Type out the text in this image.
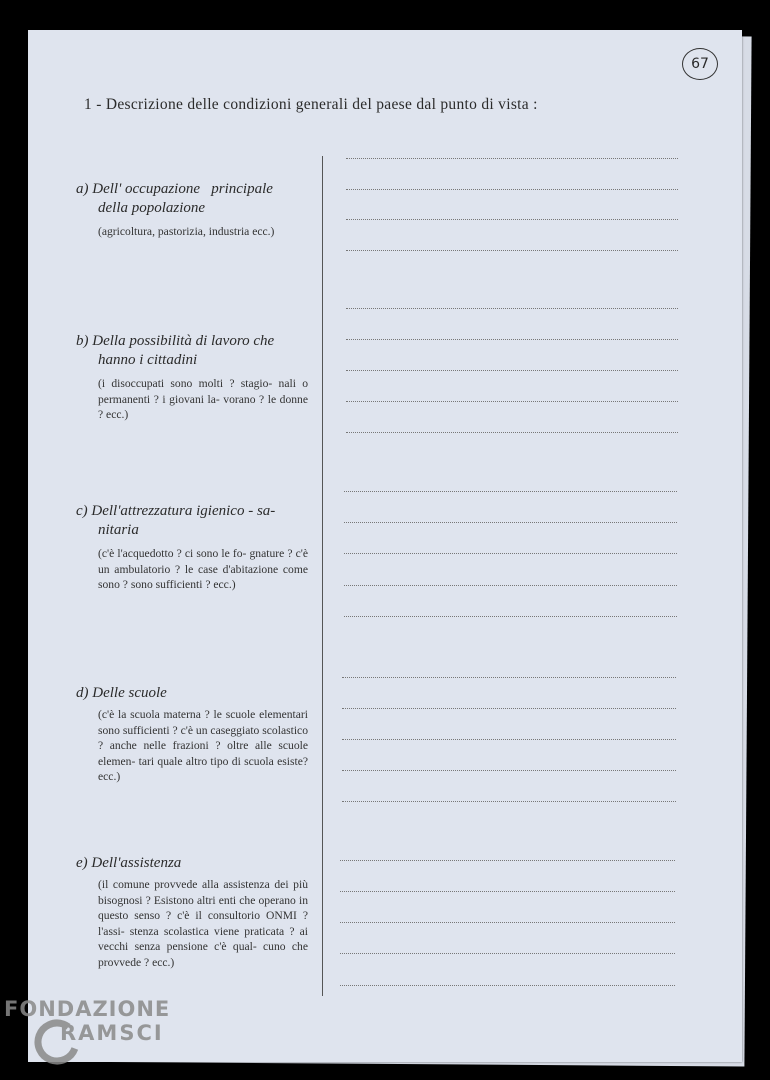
67
1 - Descrizione delle condizioni generali del paese dal punto di vista :

a) Dell' occupazione   principale
della popolazione

(agricoltura, pastorizia, industria ecc.)

b) Della possibilità di lavoro che
hanno i cittadini

(i disoccupati sono molti ? stagio- nali o permanenti ? i giovani la- vorano ? le donne ? ecc.)

c) Dell'attrezzatura igienico - sa-
nitaria

(c'è l'acquedotto ? ci sono le fo- gnature ? c'è un ambulatorio ? le case d'abitazione come sono ? sono sufficienti ? ecc.)

d) Delle scuole

(c'è la scuola materna ? le scuole elementari sono sufficienti ? c'è un caseggiato scolastico ? anche nelle frazioni ? oltre alle scuole elemen- tari quale altro tipo di scuola esiste? ecc.)

e) Dell'assistenza

(il comune provvede alla assistenza dei più bisognosi ? Esistono altri enti che operano in questo senso ? c'è il consultorio ONMI ? l'assi- stenza scolastica viene praticata ? ai vecchi senza pensione c'è qual- cuno che provvede ? ecc.)

FONDAZIONE
RAMSCI
